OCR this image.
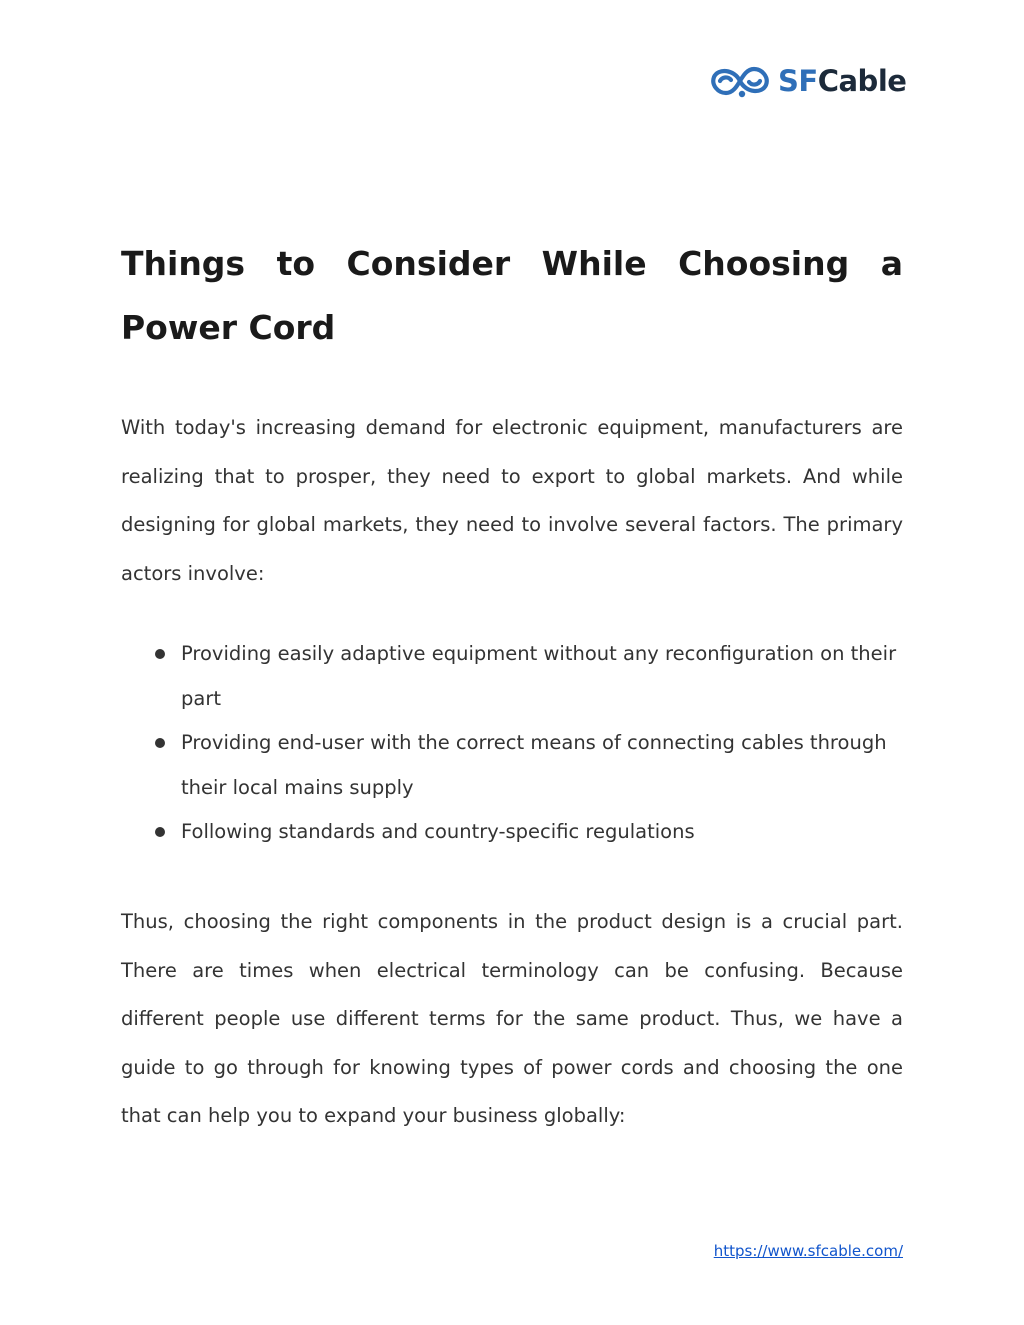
SFCable
Things to Consider While Choosing a Power Cord

With today's increasing demand for electronic equipment, manufacturers are realizing that to prosper, they need to export to global markets. And while designing for global markets, they need to involve several factors. The primary actors involve:

Providing easily adaptive equipment without any reconfiguration on their part
Providing end-user with the correct means of connecting cables through their local mains supply
Following standards and country-specific regulations

Thus, choosing the right components in the product design is a crucial part. There are times when electrical terminology can be confusing. Because different people use different terms for the same product. Thus, we have a guide to go through for knowing types of power cords and choosing the one that can help you to expand your business globally:

https://www.sfcable.com/
